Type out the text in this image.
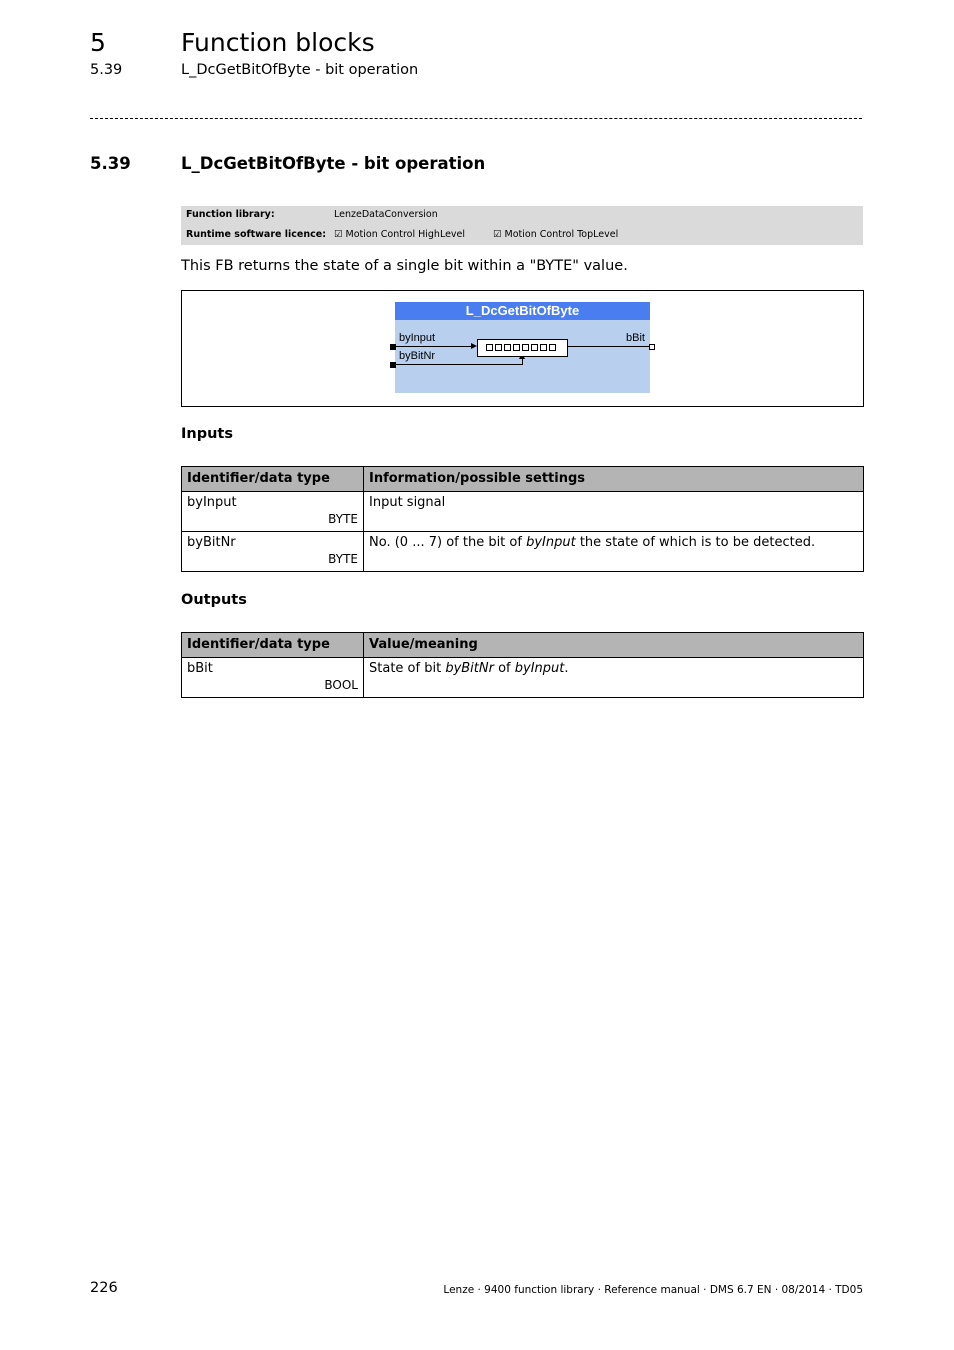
5	Function blocks
5.39	L_DcGetBitOfByte - bit operation
5.39	L_DcGetBitOfByte - bit operation
Function library:	LenzeDataConversion
Runtime software licence: ☑ Motion Control HighLevel	☑ Motion Control TopLevel
This FB returns the state of a single bit within a "BYTE" value.
L_DcGetBitOfByte
byInput
byBitNr
bBit
Inputs
Identifier/data type	Information/possible settings

byInput
BYTE	Input signal

byBitNr
BYTE	No. (0 ... 7) of the bit of byInput the state of which is to be detected.
Outputs
Identifier/data type	Value/meaning

bBit
BOOL	State of bit byBitNr of byInput.
226	Lenze · 9400 function library · Reference manual · DMS 6.7 EN · 08/2014 · TD05
